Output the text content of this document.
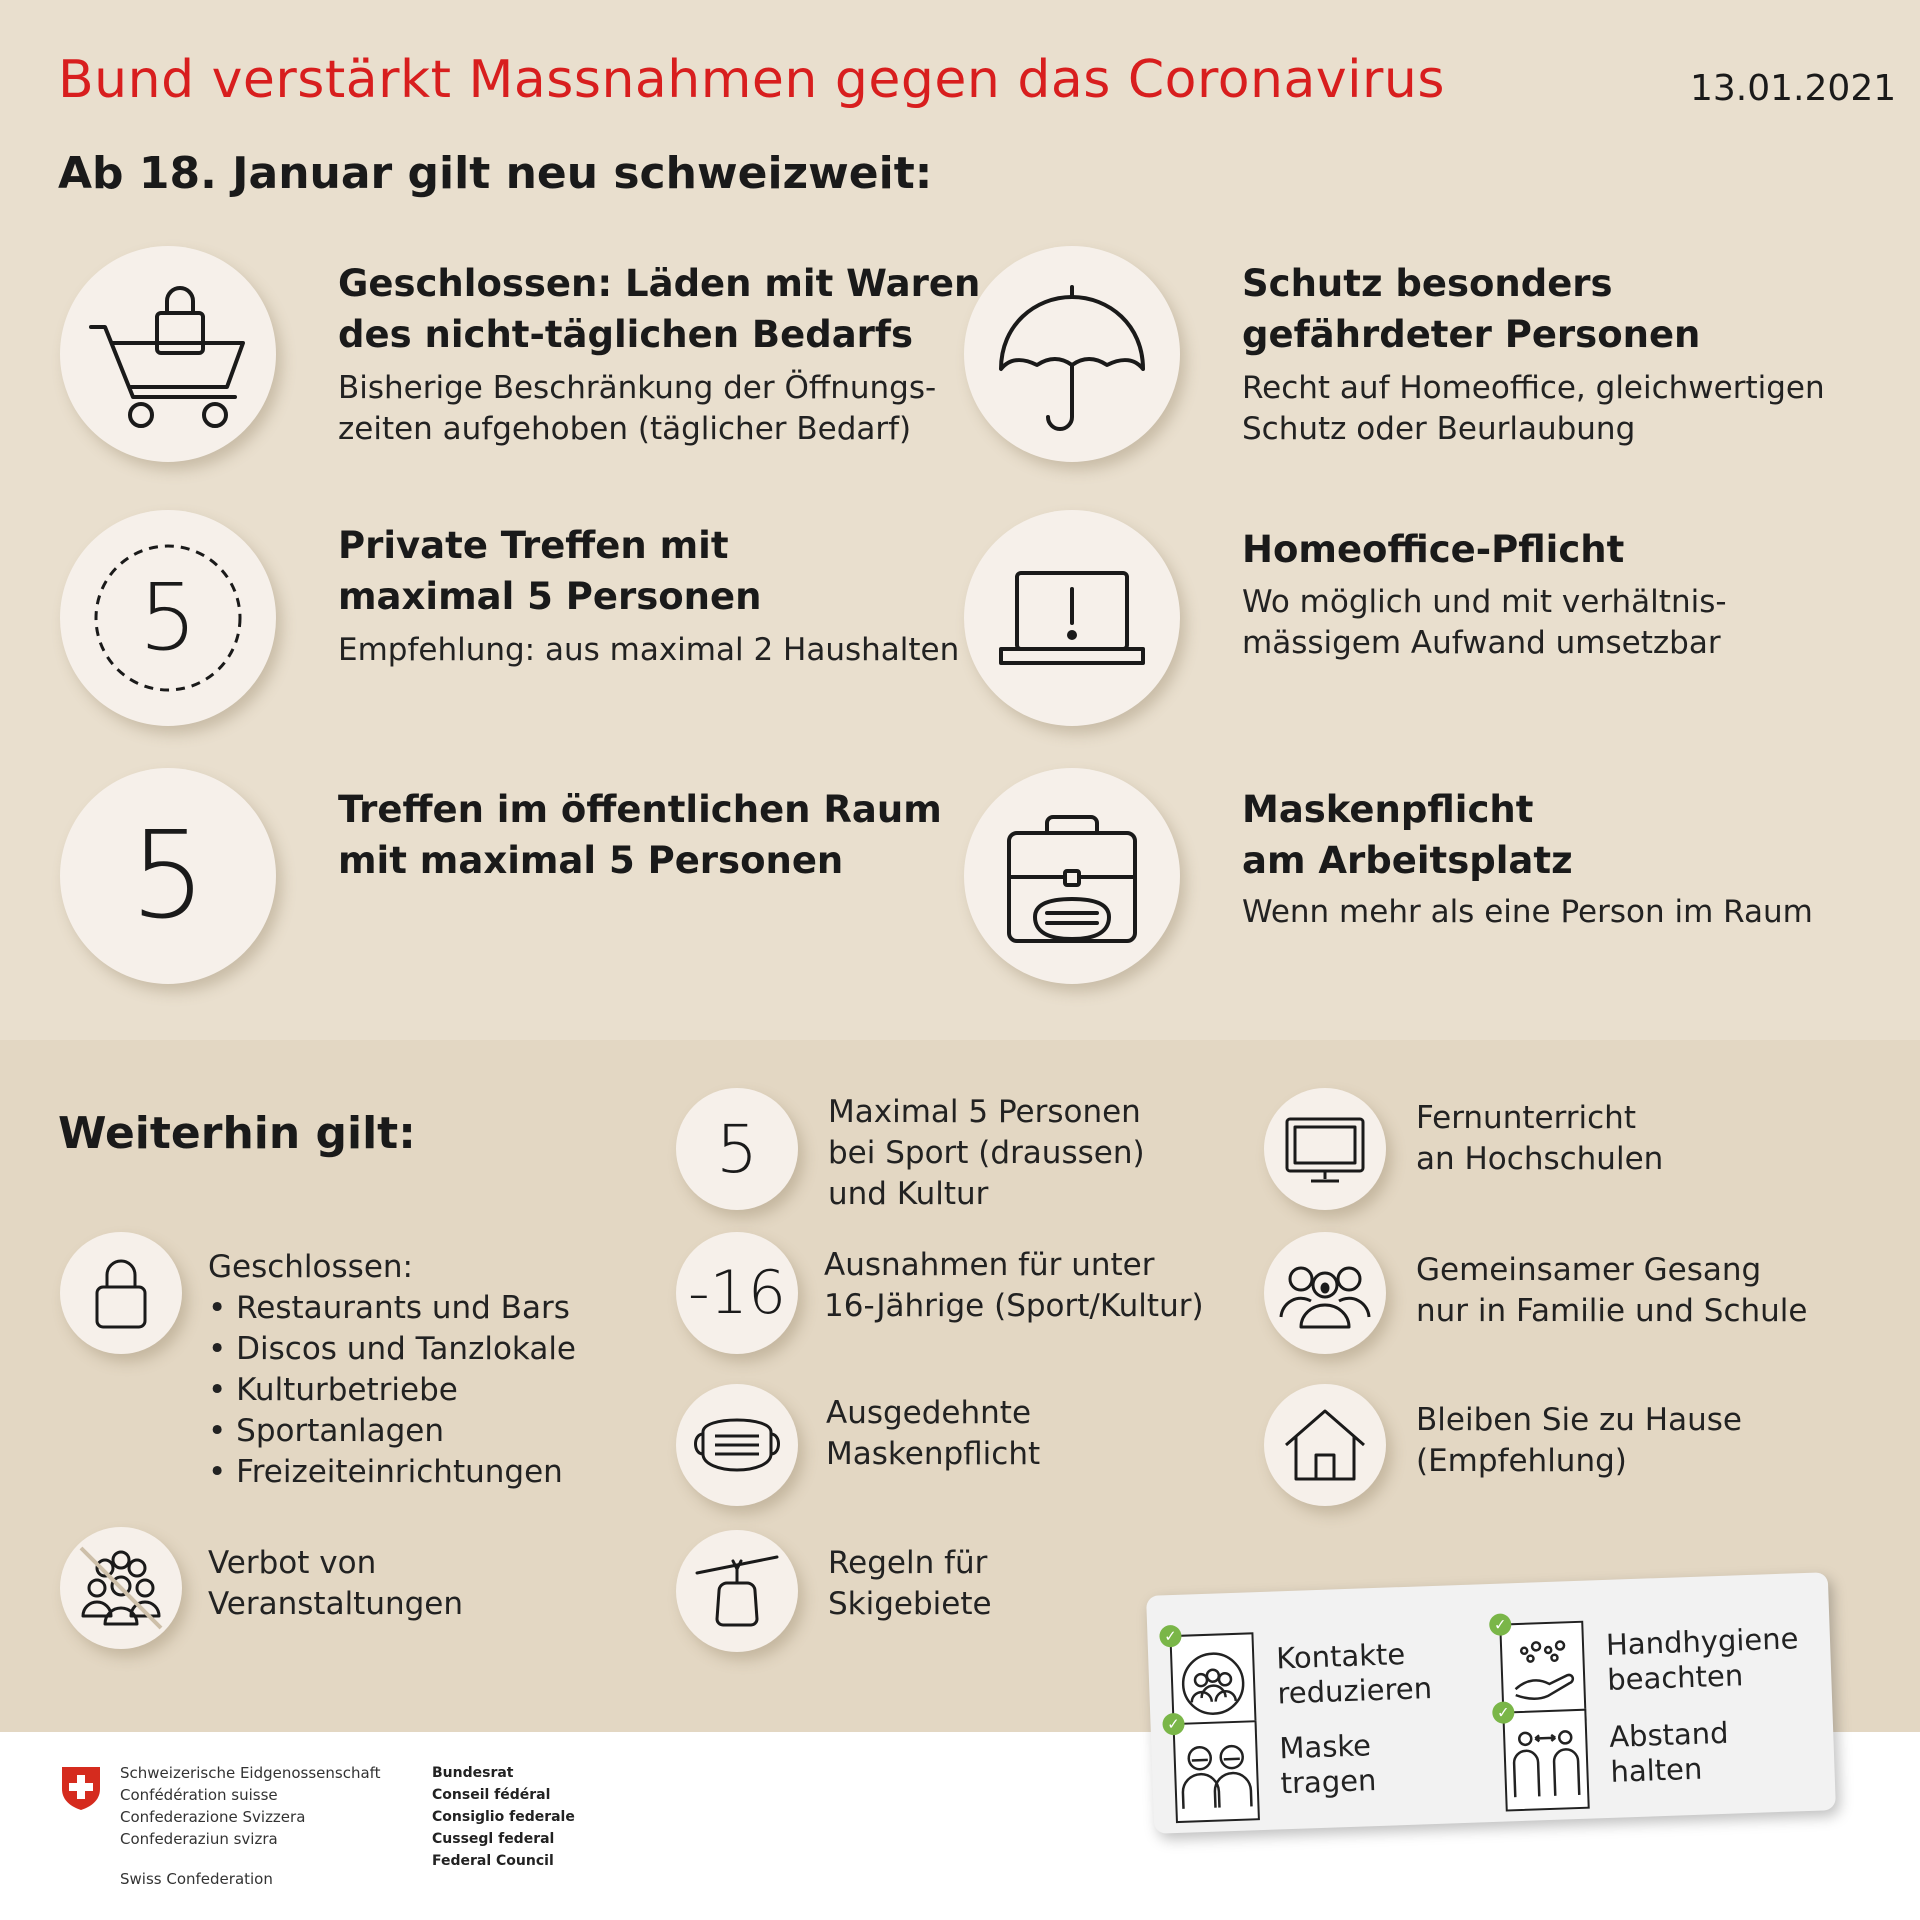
Bund verstärkt Massnahmen gegen das Coronavirus	13.01.2021
Ab 18. Januar gilt neu schweizweit:
Geschlossen: Läden mit Waren
des nicht-täglichen Bedarfs
Bisherige Beschränkung der Öffnungs-
zeiten aufgehoben (täglicher Bedarf)
Schutz besonders
gefährdeter Personen
Recht auf Homeoffice, gleichwertigen
Schutz oder Beurlaubung
5
Private Treffen mit
maximal 5 Personen
Empfehlung: aus maximal 2 Haushalten
Homeoffice-Pflicht
Wo möglich und mit verhältnis-
mässigem Aufwand umsetzbar
5	Treffen im öffentlichen Raum
mit maximal 5 Personen
Maskenpflicht
am Arbeitsplatz
Wenn mehr als eine Person im Raum
Weiterhin gilt:
Geschlossen:
• Restaurants und Bars
• Discos und Tanzlokale
• Kulturbetriebe
• Sportanlagen
• Freizeiteinrichtungen
Verbot von
Veranstaltungen
5 Maximal 5 Personen
bei Sport (draussen)
und Kultur
-16 Ausnahmen für unter
16-Jährige (Sport/Kultur)
Ausgedehnte
Maskenpflicht
Regeln für
Skigebiete
Fernunterricht
an Hochschulen
Gemeinsamer Gesang
nur in Familie und Schule
Bleiben Sie zu Hause
(Empfehlung)
✓
Kontakte
reduzieren
✓	Handhygiene
beachten
✓
Maske
tragen
✓
Abstand
halten
Schweizerische Eidgenossenschaft
Confédération suisse
Confederazione Svizzera
Confederaziun svizra
Swiss Confederation
Bundesrat
Conseil fédéral
Consiglio federale
Cussegl federal
Federal Council
